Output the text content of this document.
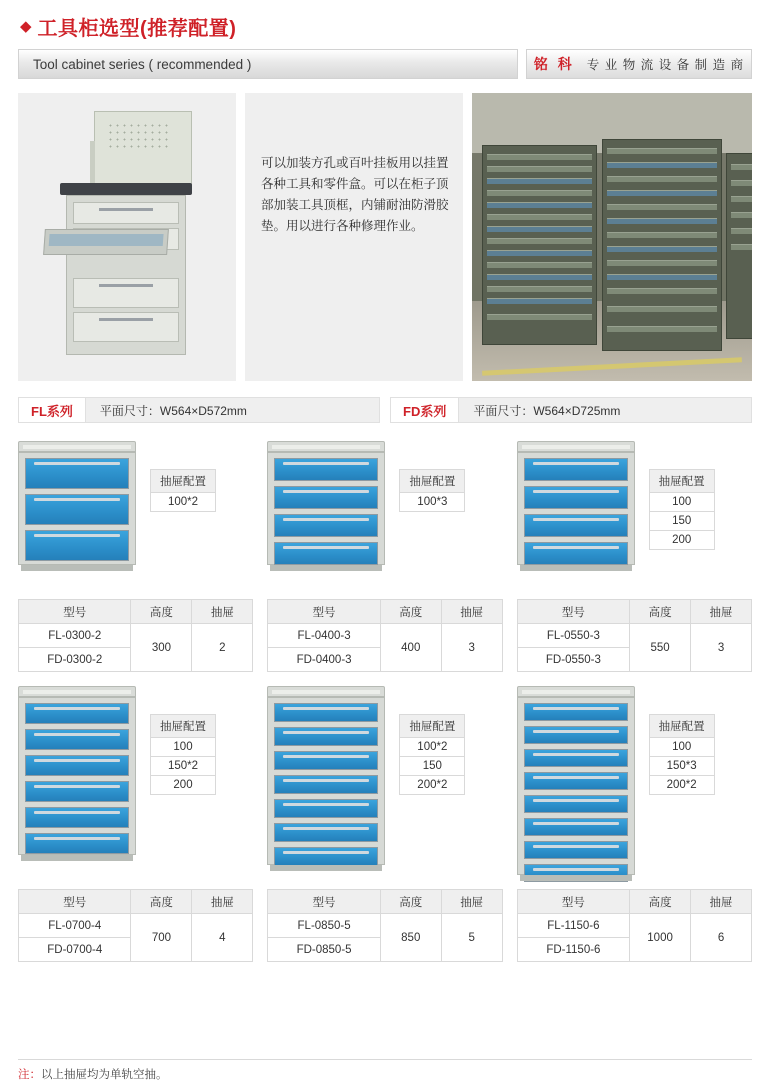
◆ 工具柜选型(推荐配置)
Tool cabinet series ( recommended )	铭 科 专 业 物 流 设 备 制 造 商
可以加装方孔或百叶挂板用以挂置各种工具和零件盒。可以在柜子顶部加装工具顶框，内铺耐油防滑胶垫。用以进行各种修理作业。
FL系列	平面尺寸：W564×D572mm	FD系列	平面尺寸：W564×D725mm
抽屉配置
100*2
型号	高度	抽屉
FL-0300-2	300	2
FD-0300-2		
抽屉配置
100*3
型号	高度	抽屉
FL-0400-3	400	3
FD-0400-3		
抽屉配置
100
150
200
型号	高度	抽屉
FL-0550-3	550	3
FD-0550-3		
抽屉配置
100
150*2
200
型号	高度	抽屉
FL-0700-4	700	4
FD-0700-4		
抽屉配置
100*2
150
200*2
型号	高度	抽屉
FL-0850-5	850	5
FD-0850-5		
抽屉配置
100
150*3
200*2
型号	高度	抽屉
FL-1150-6	1000	6
FD-1150-6		
注：以上抽屉均为单轨空抽。
